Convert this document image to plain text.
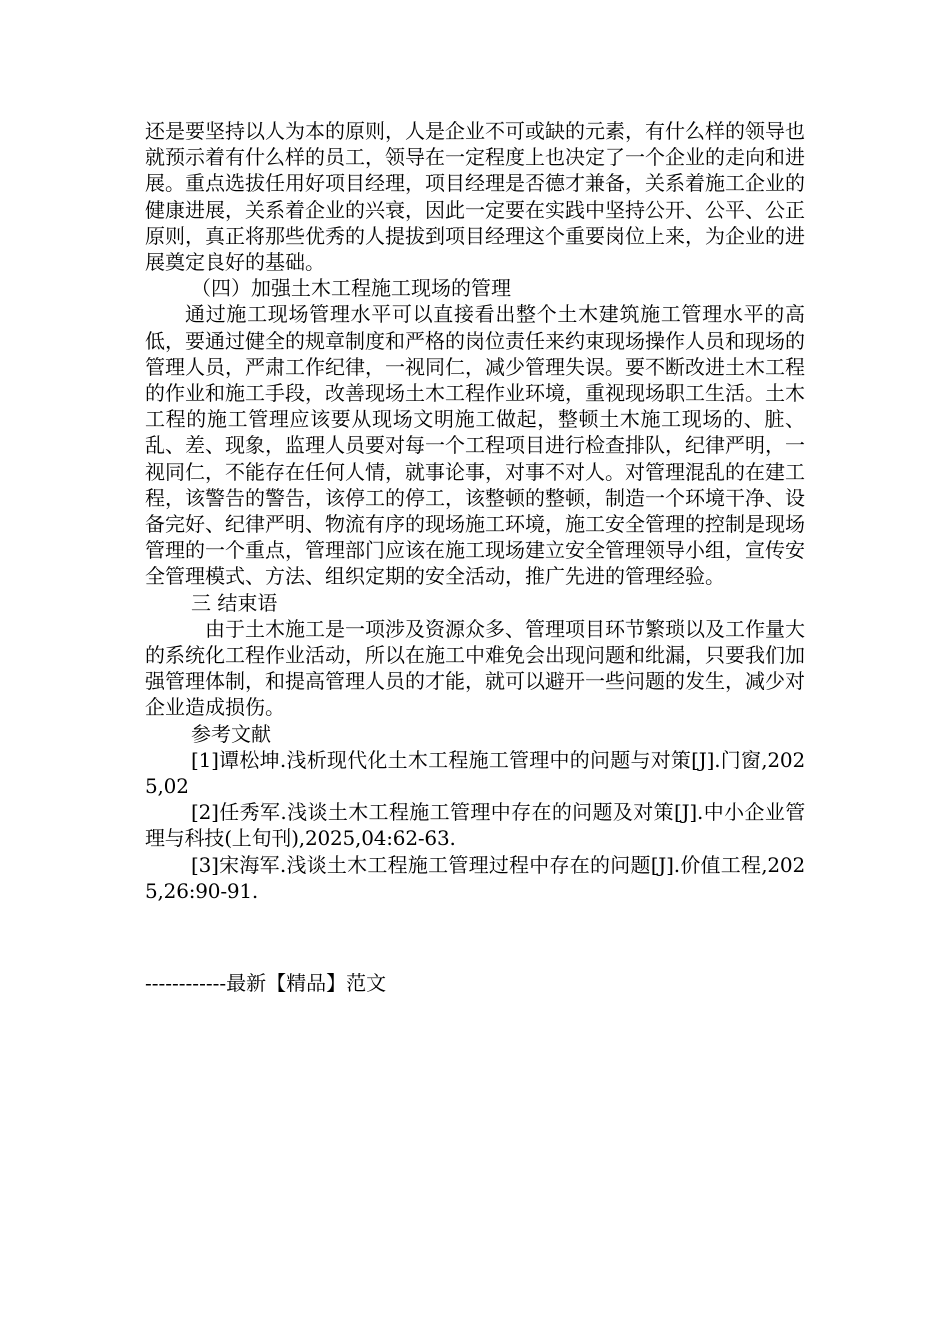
还是要坚持以人为本的原则，人是企业不可或缺的元素，有什么样的领导也就预示着有什么样的员工，领导在一定程度上也决定了一个企业的走向和进展。重点选拔任用好项目经理，项目经理是否德才兼备，关系着施工企业的健康进展，关系着企业的兴衰，因此一定要在实践中坚持公开、公平、公正原则，真正将那些优秀的人提拔到项目经理这个重要岗位上来，为企业的进展奠定良好的基础。

（四）加强土木工程施工现场的管理

通过施工现场管理水平可以直接看出整个土木建筑施工管理水平的高低，要通过健全的规章制度和严格的岗位责任来约束现场操作人员和现场的管理人员，严肃工作纪律，一视同仁，减少管理失误。要不断改进土木工程的作业和施工手段，改善现场土木工程作业环境，重视现场职工生活。土木工程的施工管理应该要从现场文明施工做起，整顿土木施工现场的、脏、乱、差、现象，监理人员要对每一个工程项目进行检查排队，纪律严明，一视同仁，不能存在任何人情，就事论事，对事不对人。对管理混乱的在建工程，该警告的警告，该停工的停工，该整顿的整顿，制造一个环境干净、设备完好、纪律严明、物流有序的现场施工环境，施工安全管理的控制是现场管理的一个重点，管理部门应该在施工现场建立安全管理领导小组，宣传安全管理模式、方法、组织定期的安全活动，推广先进的管理经验。

三 结束语

由于土木施工是一项涉及资源众多、管理项目环节繁琐以及工作量大的系统化工程作业活动，所以在施工中难免会出现问题和纰漏，只要我们加强管理体制，和提高管理人员的才能，就可以避开一些问题的发生，减少对企业造成损伤。

参考文献

[1]谭松坤.浅析现代化土木工程施工管理中的问题与对策[J].门窗,2025,02

[2]任秀军.浅谈土木工程施工管理中存在的问题及对策[J].中小企业管理与科技(上旬刊),2025,04:62-63.

[3]宋海军.浅谈土木工程施工管理过程中存在的问题[J].价值工程,2025,26:90-91.

------------最新【精品】范文
